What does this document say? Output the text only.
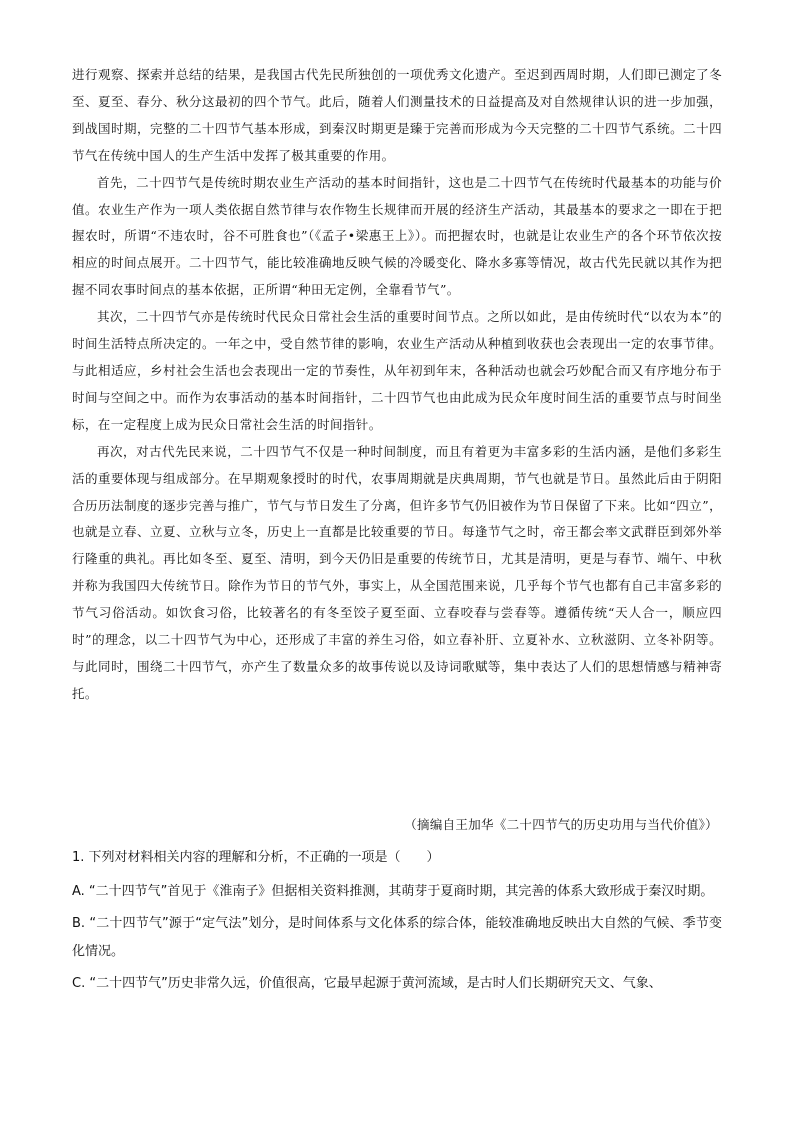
进行观察、探索并总结的结果，是我国古代先民所独创的一项优秀文化遗产。至迟到西周时期，人们即已测定了冬至、夏至、春分、秋分这最初的四个节气。此后，随着人们测量技术的日益提高及对自然规律认识的进一步加强，到战国时期，完整的二十四节气基本形成，到秦汉时期更是臻于完善而形成为今天完整的二十四节气系统。二十四节气在传统中国人的生产生活中发挥了极其重要的作用。

首先，二十四节气是传统时期农业生产活动的基本时间指针，这也是二十四节气在传统时代最基本的功能与价值。农业生产作为一项人类依据自然节律与农作物生长规律而开展的经济生产活动，其最基本的要求之一即在于把握农时，所谓“不违农时，谷不可胜食也”（《孟子•梁惠王上》）。而把握农时，也就是让农业生产的各个环节依次按相应的时间点展开。二十四节气，能比较准确地反映气候的冷暖变化、降水多寡等情况，故古代先民就以其作为把握不同农事时间点的基本依据，正所谓“种田无定例，全靠看节气”。

其次，二十四节气亦是传统时代民众日常社会生活的重要时间节点。之所以如此，是由传统时代“以农为本”的时间生活特点所决定的。一年之中，受自然节律的影响，农业生产活动从种植到收获也会表现出一定的农事节律。与此相适应，乡村社会生活也会表现出一定的节奏性，从年初到年末，各种活动也就会巧妙配合而又有序地分布于时间与空间之中。而作为农事活动的基本时间指针，二十四节气也由此成为民众年度时间生活的重要节点与时间坐标，在一定程度上成为民众日常社会生活的时间指针。

再次，对古代先民来说，二十四节气不仅是一种时间制度，而且有着更为丰富多彩的生活内涵，是他们多彩生活的重要体现与组成部分。在早期观象授时的时代，农事周期就是庆典周期，节气也就是节日。虽然此后由于阴阳合历历法制度的逐步完善与推广，节气与节日发生了分离，但许多节气仍旧被作为节日保留了下来。比如“四立”，也就是立春、立夏、立秋与立冬，历史上一直都是比较重要的节日。每逢节气之时，帝王都会率文武群臣到郊外举行隆重的典礼。再比如冬至、夏至、清明，到今天仍旧是重要的传统节日，尤其是清明，更是与春节、端午、中秋并称为我国四大传统节日。除作为节日的节气外，事实上，从全国范围来说，几乎每个节气也都有自己丰富多彩的节气习俗活动。如饮食习俗，比较著名的有冬至饺子夏至面、立春咬春与尝春等。遵循传统“天人合一，顺应四时”的理念，以二十四节气为中心，还形成了丰富的养生习俗，如立春补肝、立夏补水、立秋滋阴、立冬补阴等。与此同时，围绕二十四节气，亦产生了数量众多的故事传说以及诗词歌赋等，集中表达了人们的思想情感与精神寄托。

（摘编自王加华《二十四节气的历史功用与当代价值》）

1. 下列对材料相关内容的理解和分析，不正确的一项是（　　）

A. “二十四节气”首见于《淮南子》但据相关资料推测，其萌芽于夏商时期，其完善的体系大致形成于秦汉时期。

B. “二十四节气”源于“定气法”划分，是时间体系与文化体系的综合体，能较准确地反映出大自然的气候、季节变化情况。

C. “二十四节气”历史非常久远，价值很高，它最早起源于黄河流域，是古时人们长期研究天文、气象、
